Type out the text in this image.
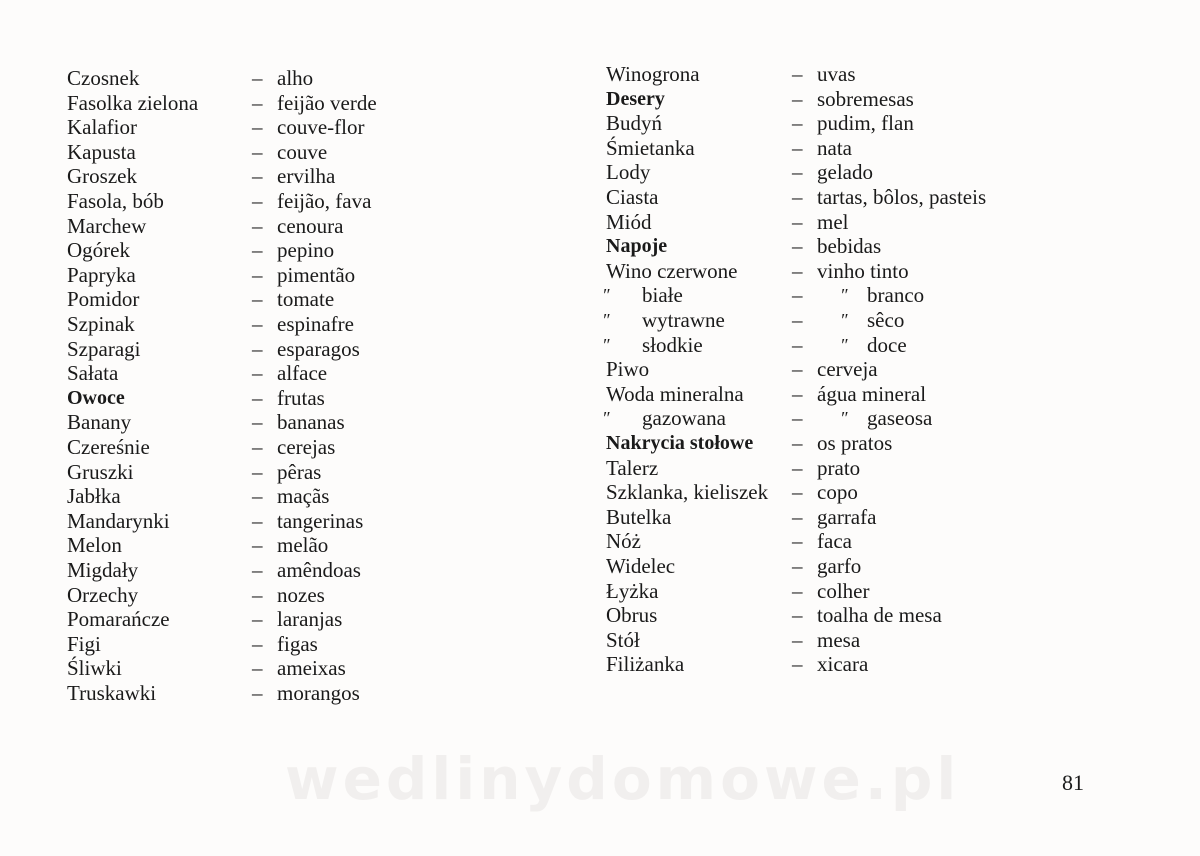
Czosnek	– alho
Fasolka zielona	– feijão verde
Kalafior	– couve-flor
Kapusta	– couve
Groszek	– ervilha
Fasola, bób	– feijão, fava
Marchew	– cenoura
Ogórek	– pepino
Papryka	– pimentão
Pomidor	– tomate
Szpinak	– espinafre
Szparagi	– esparagos
Sałata	– alface
Owoce	– frutas
Banany	– bananas
Czereśnie	– cerejas
Gruszki	– pêras
Jabłka	– maçãs
Mandarynki	– tangerinas
Melon	– melão
Migdały	– amêndoas
Orzechy	– nozes
Pomarańcze	– laranjas
Figi	– figas
Śliwki	– ameixas
Truskawki	– morangos
Winogrona	– uvas
Desery	– sobremesas
Budyń	– pudim, flan
Śmietanka	– nata
Lody	– gelado
Ciasta	– tartas, bôlos, pasteis
Miód	– mel
Napoje	– bebidas
Wino czerwone	– vinho tinto
″ białe	– ″ branco
″ wytrawne	– ″ sêco
″ słodkie	– ″ doce
Piwo	– cerveja
Woda mineralna – água mineral
″ gazowana	– ″ gaseosa
Nakrycia stołowe – os pratos
Talerz	– prato
Szklanka, kieliszek – copo
Butelka	– garrafa
Nóż	– faca
Widelec	– garfo
Łyżka	– colher
Obrus	– toalha de mesa
Stół	– mesa
Filiżanka	– xicara
wedlinydomowe.pl	81
